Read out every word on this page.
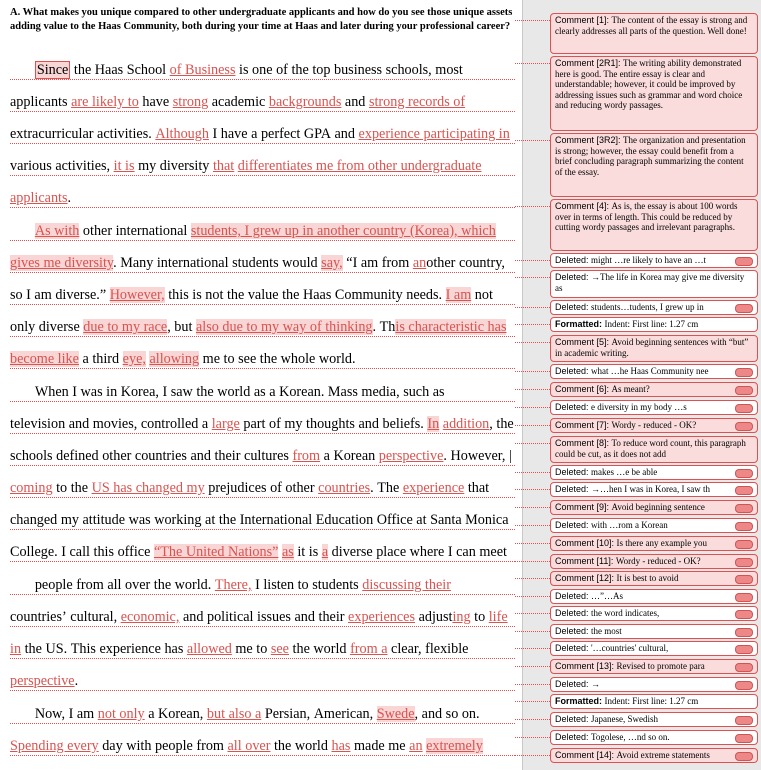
A. What makes you unique compared to other undergraduate applicants and how do you see those unique assets adding value to the Haas Community, both during your time at Haas and later during your professional career?
Since the Haas School of Business is one of the top business schools, most
applicants are likely to have strong academic backgrounds and strong records of
extracurricular activities. Although I have a perfect GPA and experience participating in
various activities, it is my diversity that differentiates me from other undergraduate
applicants.
As with other international students, I grew up in another country (Korea), which
gives me diversity. Many international students would say, “I am from another country,
so I am diverse.” However, this is not the value the Haas Community needs. I am not
only diverse due to my race, but also due to my way of thinking. This characteristic has
become like a third eye, allowing me to see the whole world.
When I was in Korea, I saw the world as a Korean. Mass media, such as
television and movies, controlled a large part of my thoughts and beliefs. In addition, the
schools defined other countries and their cultures from a Korean perspective. However, |
coming to the US has changed my prejudices of other countries. The experience that
changed my attitude was working at the International Education Office at Santa Monica
College. I call this office “The United Nations” as it is a diverse place where I can meet
people from all over the world. There, I listen to students discussing their
countries’ cultural, economic, and political issues and their experiences adjusting to life
in the US. This experience has allowed me to see the world from a clear, flexible
perspective.
Now, I am not only a Korean, but also a Persian, American, Swede, and so on.
Spending every day with people from all over the world has made me an extremely
Comment [1]: The content of the essay is strong and clearly addresses all parts of the question. Well done!
Comment [2R1]: The writing ability demonstrated here is good. The entire essay is clear and understandable; however, it could be improved by addressing issues such as grammar and word choice and reducing wordy passages.
Comment [3R2]: The organization and presentation is strong; however, the essay could benefit from a brief concluding paragraph summarizing the content of the essay.
Comment [4]: As is, the essay is about 100 words over in terms of length. This could be reduced by cutting wordy passages and irrelevant paragraphs.
Deleted: might …re likely to have an …t
Deleted: →The life in Korea may give me diversity as
Deleted: students…tudents, I grew up in
Formatted: Indent: First line: 1.27 cm
Comment [5]: Avoid beginning sentences with “but” in academic writing.
Deleted: what …he Haas Community nee
Comment [6]: As meant?
Deleted: e diversity in my body …s
Comment [7]: Wordy - reduced - OK?
Comment [8]: To reduce word count, this paragraph could be cut, as it does not add
Deleted: makes …e be able
Deleted: →…hen I was in Korea, I saw th
Comment [9]: Avoid beginning sentence
Deleted: with …rom a Korean
Comment [10]: Is there any example you
Comment [11]: Wordy - reduced - OK?
Comment [12]: It is best to avoid
Deleted: …”…As
Deleted: the word indicates,
Deleted: the most
Deleted: '…countries' cultural,
Comment [13]: Revised to promote para
Deleted: →
Formatted: Indent: First line: 1.27 cm
Deleted: Japanese, Swedish
Deleted: Togolese, …nd so on.
Comment [14]: Avoid extreme statements
